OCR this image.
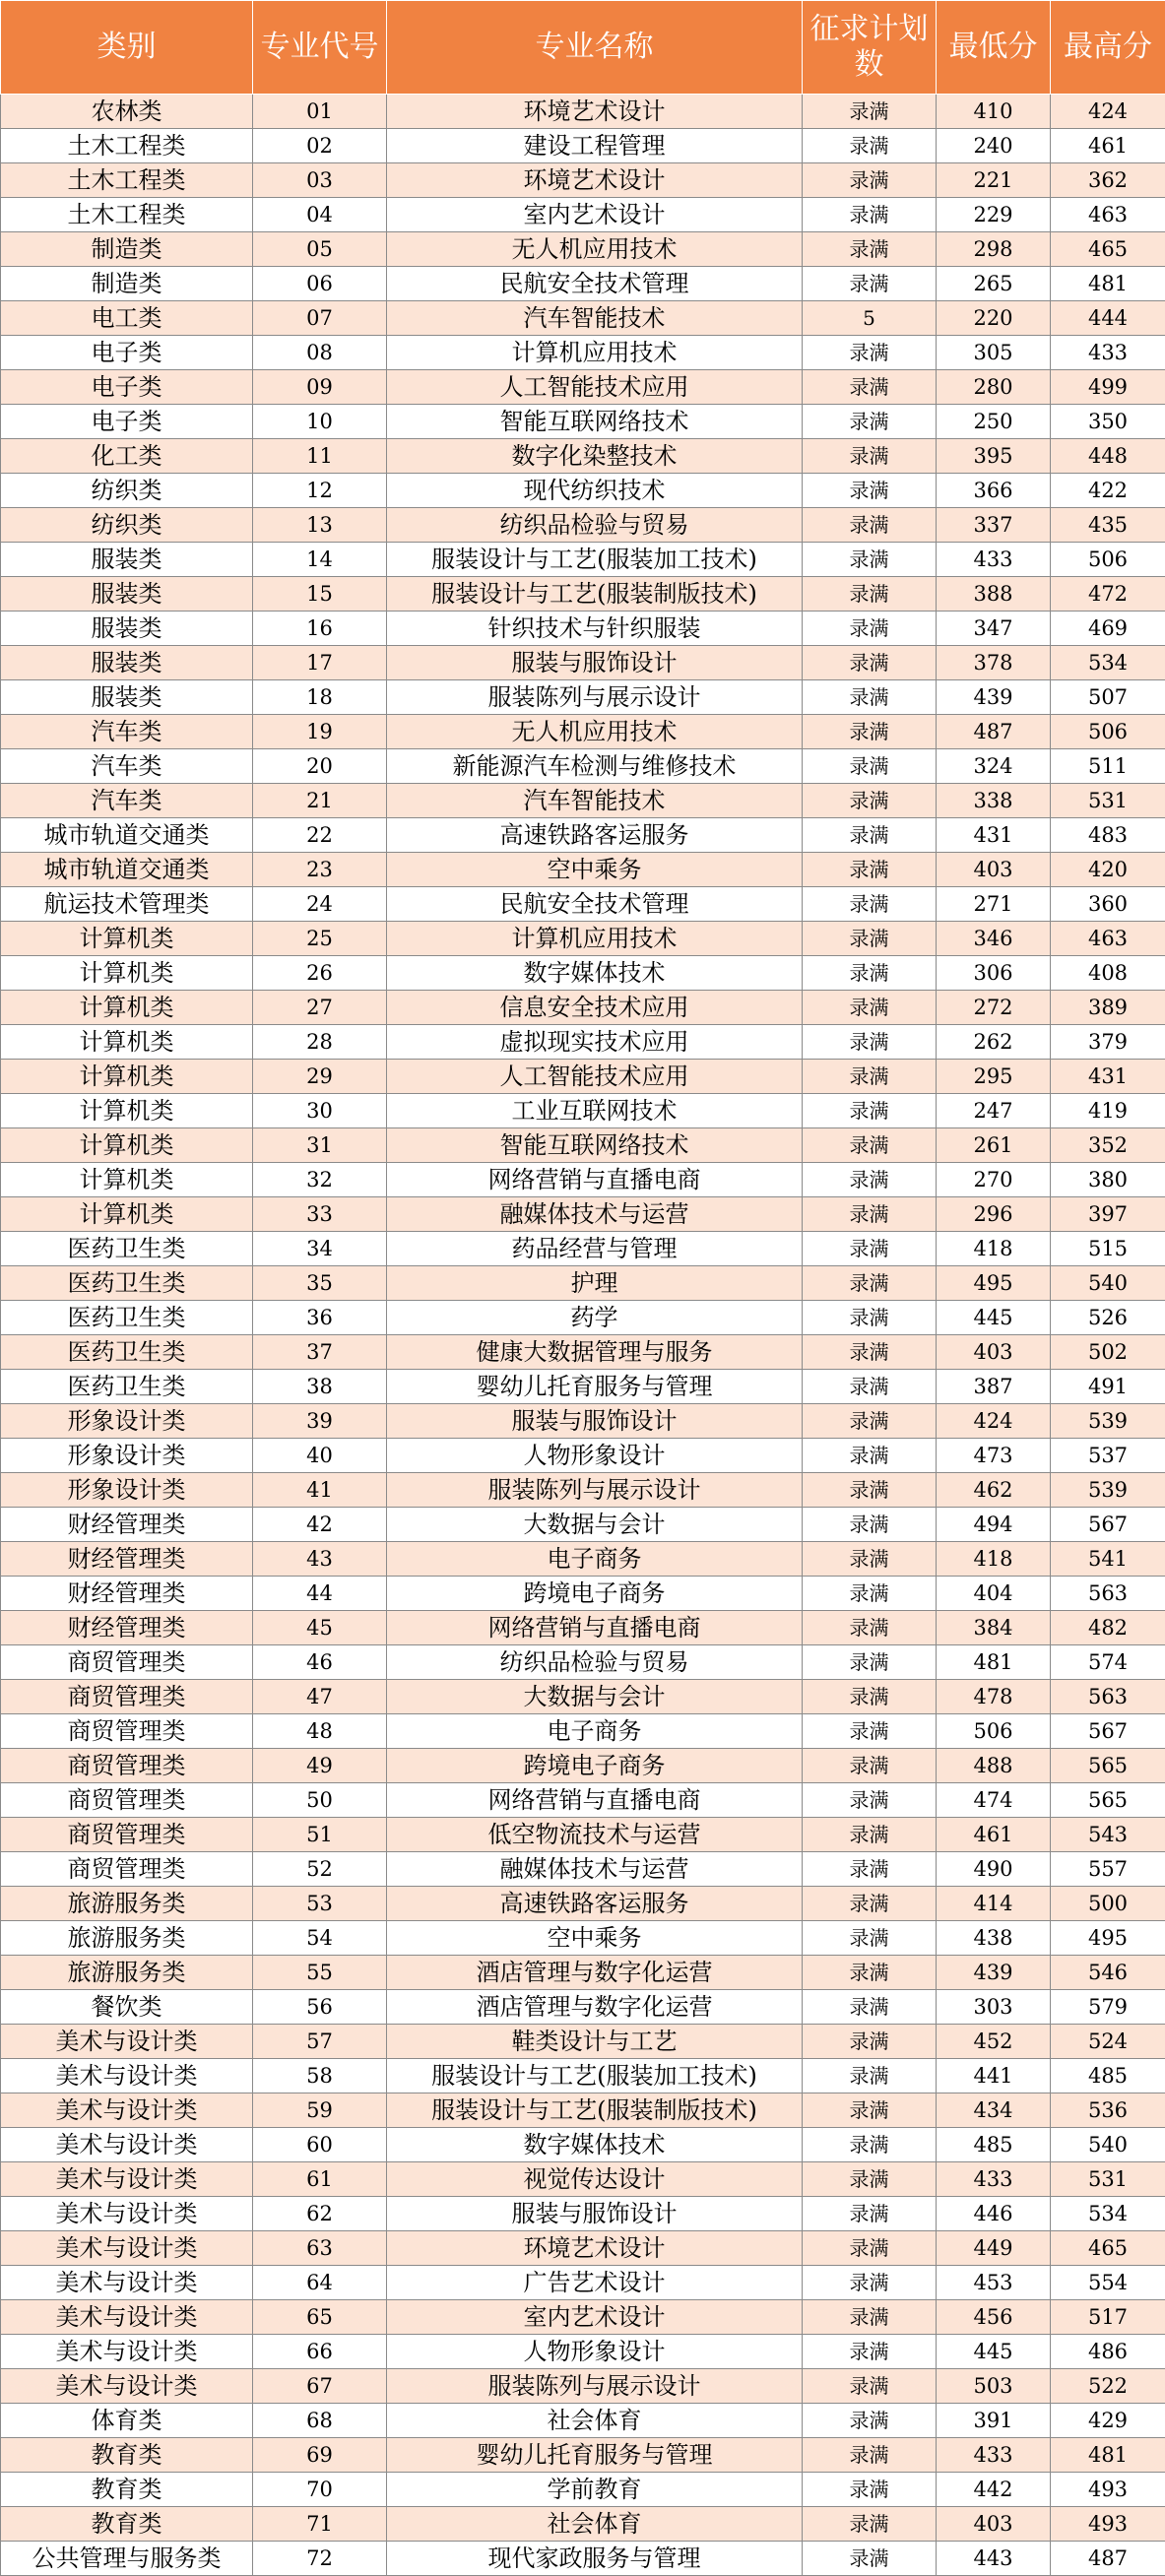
类别	专业代号	专业名称	征求计划数	最低分	最高分
农林类	01	环境艺术设计	录满	410	424
土木工程类	02	建设工程管理	录满	240	461
土木工程类	03	环境艺术设计	录满	221	362
土木工程类	04	室内艺术设计	录满	229	463
制造类	05	无人机应用技术	录满	298	465
制造类	06	民航安全技术管理	录满	265	481
电工类	07	汽车智能技术	5	220	444
电子类	08	计算机应用技术	录满	305	433
电子类	09	人工智能技术应用	录满	280	499
电子类	10	智能互联网络技术	录满	250	350
化工类	11	数字化染整技术	录满	395	448
纺织类	12	现代纺织技术	录满	366	422
纺织类	13	纺织品检验与贸易	录满	337	435
服装类	14	服装设计与工艺(服装加工技术)	录满	433	506
服装类	15	服装设计与工艺(服装制版技术)	录满	388	472
服装类	16	针织技术与针织服装	录满	347	469
服装类	17	服装与服饰设计	录满	378	534
服装类	18	服装陈列与展示设计	录满	439	507
汽车类	19	无人机应用技术	录满	487	506
汽车类	20	新能源汽车检测与维修技术	录满	324	511
汽车类	21	汽车智能技术	录满	338	531
城市轨道交通类	22	高速铁路客运服务	录满	431	483
城市轨道交通类	23	空中乘务	录满	403	420
航运技术管理类	24	民航安全技术管理	录满	271	360
计算机类	25	计算机应用技术	录满	346	463
计算机类	26	数字媒体技术	录满	306	408
计算机类	27	信息安全技术应用	录满	272	389
计算机类	28	虚拟现实技术应用	录满	262	379
计算机类	29	人工智能技术应用	录满	295	431
计算机类	30	工业互联网技术	录满	247	419
计算机类	31	智能互联网络技术	录满	261	352
计算机类	32	网络营销与直播电商	录满	270	380
计算机类	33	融媒体技术与运营	录满	296	397
医药卫生类	34	药品经营与管理	录满	418	515
医药卫生类	35	护理	录满	495	540
医药卫生类	36	药学	录满	445	526
医药卫生类	37	健康大数据管理与服务	录满	403	502
医药卫生类	38	婴幼儿托育服务与管理	录满	387	491
形象设计类	39	服装与服饰设计	录满	424	539
形象设计类	40	人物形象设计	录满	473	537
形象设计类	41	服装陈列与展示设计	录满	462	539
财经管理类	42	大数据与会计	录满	494	567
财经管理类	43	电子商务	录满	418	541
财经管理类	44	跨境电子商务	录满	404	563
财经管理类	45	网络营销与直播电商	录满	384	482
商贸管理类	46	纺织品检验与贸易	录满	481	574
商贸管理类	47	大数据与会计	录满	478	563
商贸管理类	48	电子商务	录满	506	567
商贸管理类	49	跨境电子商务	录满	488	565
商贸管理类	50	网络营销与直播电商	录满	474	565
商贸管理类	51	低空物流技术与运营	录满	461	543
商贸管理类	52	融媒体技术与运营	录满	490	557
旅游服务类	53	高速铁路客运服务	录满	414	500
旅游服务类	54	空中乘务	录满	438	495
旅游服务类	55	酒店管理与数字化运营	录满	439	546
餐饮类	56	酒店管理与数字化运营	录满	303	579
美术与设计类	57	鞋类设计与工艺	录满	452	524
美术与设计类	58	服装设计与工艺(服装加工技术)	录满	441	485
美术与设计类	59	服装设计与工艺(服装制版技术)	录满	434	536
美术与设计类	60	数字媒体技术	录满	485	540
美术与设计类	61	视觉传达设计	录满	433	531
美术与设计类	62	服装与服饰设计	录满	446	534
美术与设计类	63	环境艺术设计	录满	449	465
美术与设计类	64	广告艺术设计	录满	453	554
美术与设计类	65	室内艺术设计	录满	456	517
美术与设计类	66	人物形象设计	录满	445	486
美术与设计类	67	服装陈列与展示设计	录满	503	522
体育类	68	社会体育	录满	391	429
教育类	69	婴幼儿托育服务与管理	录满	433	481
教育类	70	学前教育	录满	442	493
教育类	71	社会体育	录满	403	493
公共管理与服务类	72	现代家政服务与管理	录满	443	487
